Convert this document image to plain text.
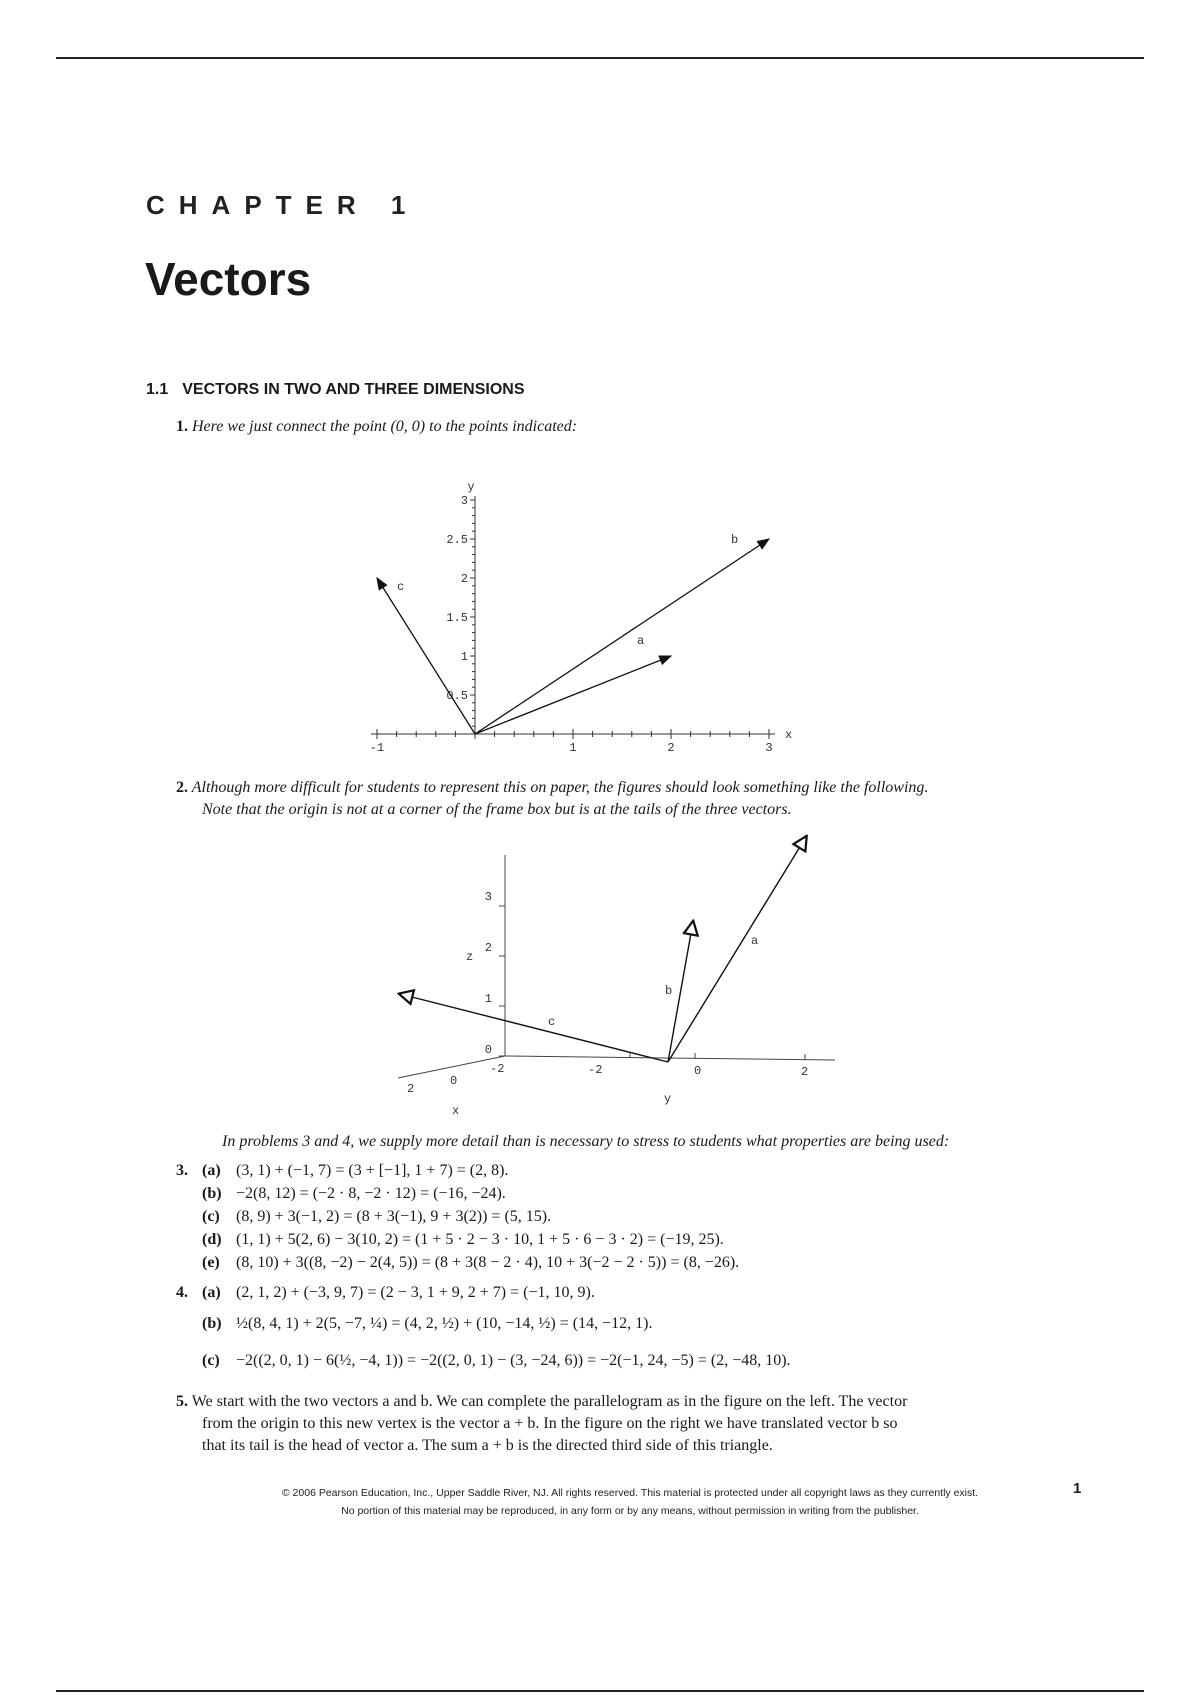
CHAPTER 1
Vectors
1.1 VECTORS IN TWO AND THREE DIMENSIONS
1. Here we just connect the point (0, 0) to the points indicated:
-1	1	2	3
0.5
1
1.5
2
2.5
3
x
y
a
b
c
2. Although more difficult for students to represent this on paper, the figures should look something like the following.
Note that the origin is not at a corner of the frame box but is at the tails of the three vectors.
0
1
2
3
z
-2	-2	0	2
y
2
0
x
a
b
c
In problems 3 and 4, we supply more detail than is necessary to stress to students what properties are being used:
3. (a) (3, 1) + (−1, 7) = (3 + [−1], 1 + 7) = (2, 8).
(b) −2(8, 12) = (−2 · 8, −2 · 12) = (−16, −24).
(c) (8, 9) + 3(−1, 2) = (8 + 3(−1), 9 + 3(2)) = (5, 15).
(d) (1, 1) + 5(2, 6) − 3(10, 2) = (1 + 5 · 2 − 3 · 10, 1 + 5 · 6 − 3 · 2) = (−19, 25).
(e) (8, 10) + 3((8, −2) − 2(4, 5)) = (8 + 3(8 − 2 · 4), 10 + 3(−2 − 2 · 5)) = (8, −26).
4. (a) (2, 1, 2) + (−3, 9, 7) = (2 − 3, 1 + 9, 2 + 7) = (−1, 10, 9).
(b) ½(8, 4, 1) + 2(5, −7, ¼) = (4, 2, ½) + (10, −14, ½) = (14, −12, 1).
(c) −2((2, 0, 1) − 6(½, −4, 1)) = −2((2, 0, 1) − (3, −24, 6)) = −2(−1, 24, −5) = (2, −48, 10).
5. We start with the two vectors a and b. We can complete the parallelogram as in the figure on the left. The vector
from the origin to this new vertex is the vector a + b. In the figure on the right we have translated vector b so
that its tail is the head of vector a. The sum a + b is the directed third side of this triangle.
© 2006 Pearson Education, Inc., Upper Saddle River, NJ. All rights reserved. This material is protected under all copyright laws as they currently exist.
No portion of this material may be reproduced, in any form or by any means, without permission in writing from the publisher.
1
